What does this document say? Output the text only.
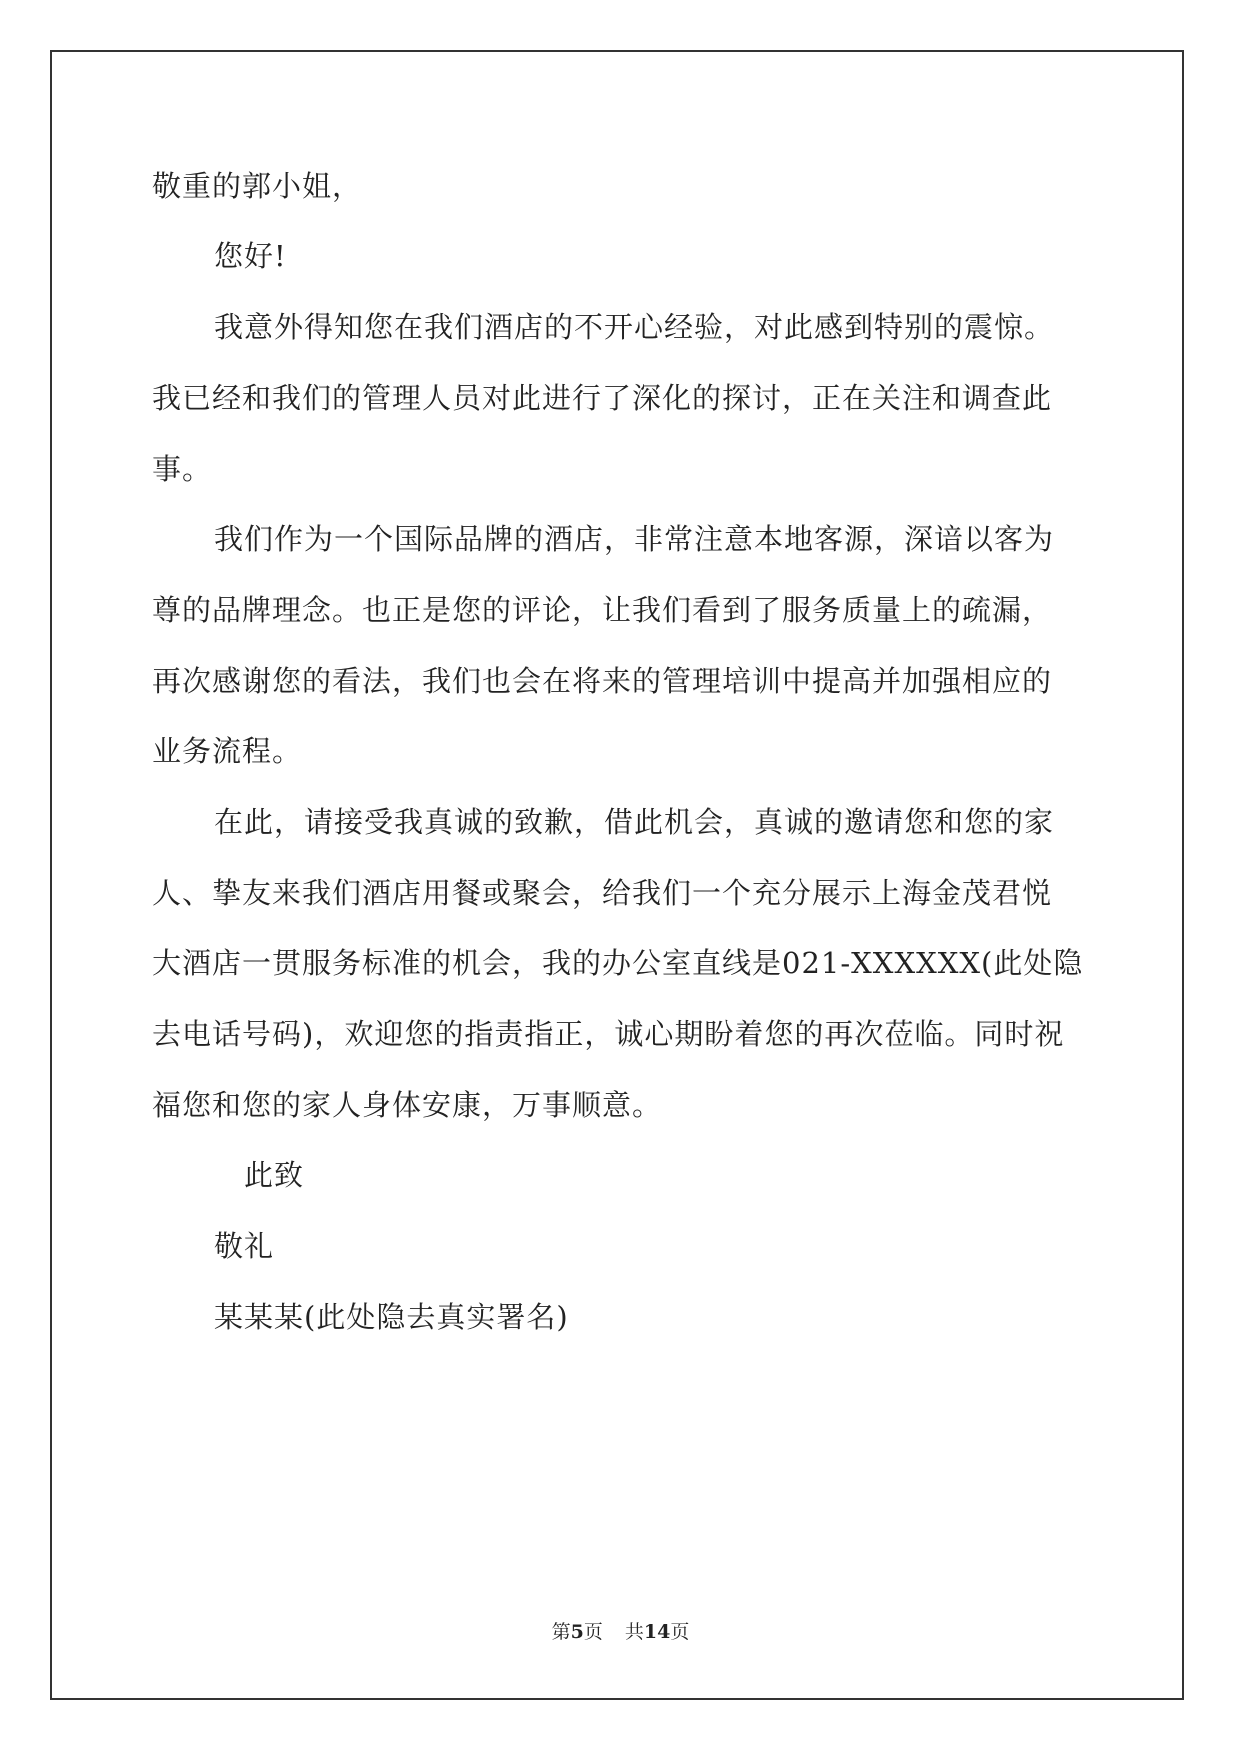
敬重的郭小姐，
您好!
我意外得知您在我们酒店的不开心经验，对此感到特别的震惊。
我已经和我们的管理人员对此进行了深化的探讨，正在关注和调查此
事。
我们作为一个国际品牌的酒店，非常注意本地客源，深谙以客为
尊的品牌理念。也正是您的评论，让我们看到了服务质量上的疏漏，
再次感谢您的看法，我们也会在将来的管理培训中提高并加强相应的
业务流程。
在此，请接受我真诚的致歉，借此机会，真诚的邀请您和您的家
人、挚友来我们酒店用餐或聚会，给我们一个充分展示上海金茂君悦
大酒店一贯服务标准的机会，我的办公室直线是021-XXXXXX(此处隐
去电话号码)，欢迎您的指责指正，诚心期盼着您的再次莅临。同时祝
福您和您的家人身体安康，万事顺意。
此致
敬礼
某某某(此处隐去真实署名)
第5页 共14页
